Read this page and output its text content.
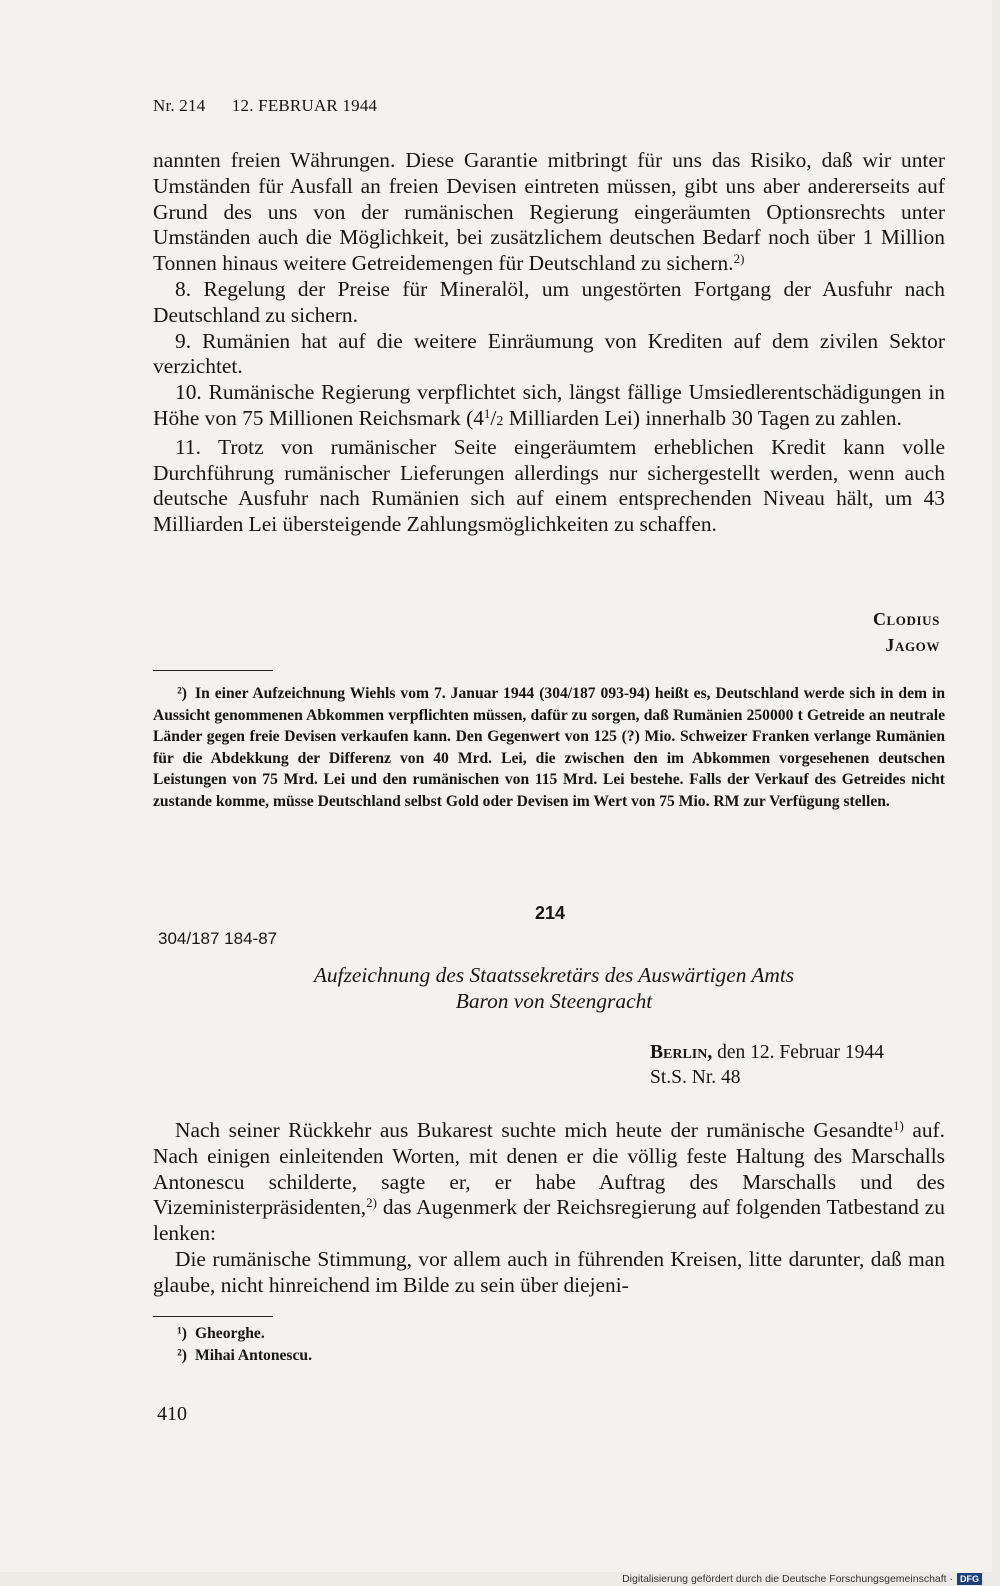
Nr. 214 12. FEBRUAR 1944

nannten freien Währungen. Diese Garantie mitbringt für uns das Risiko, daß wir unter Umständen für Ausfall an freien Devisen eintreten müssen, gibt uns aber andererseits auf Grund des uns von der rumänischen Regierung eingeräumten Optionsrechts unter Umständen auch die Möglichkeit, bei zusätzlichem deutschen Bedarf noch über 1 Million Tonnen hinaus weitere Getreidemengen für Deutschland zu sichern.$^{2)}$

8. Regelung der Preise für Mineralöl, um ungestörten Fortgang der Ausfuhr nach Deutschland zu sichern.

9. Rumänien hat auf die weitere Einräumung von Krediten auf dem zivilen Sektor verzichtet.

10. Rumänische Regierung verpflichtet sich, längst fällige Umsiedlerentschädigungen in Höhe von 75 Millionen Reichsmark ($4^1/2$ Milliarden Lei) innerhalb 30 Tagen zu zahlen.

11. Trotz von rumänischer Seite eingeräumtem erheblichen Kredit kann volle Durchführung rumänischer Lieferungen allerdings nur sichergestellt werden, wenn auch deutsche Ausfuhr nach Rumänien sich auf einem entsprechenden Niveau hält, um 43 Milliarden Lei übersteigende Zahlungsmöglichkeiten zu schaffen.

Clodius
Jagow

²) In einer Aufzeichnung Wiehls vom 7. Januar 1944 (304/187 093-94) heißt es, Deutschland werde sich in dem in Aussicht genommenen Abkommen verpflichten müssen, dafür zu sorgen, daß Rumänien 250000 t Getreide an neutrale Länder gegen freie Devisen verkaufen kann. Den Gegenwert von 125 (?) Mio. Schweizer Franken verlange Rumänien für die Abdekkung der Differenz von 40 Mrd. Lei, die zwischen den im Abkommen vorgesehenen deutschen Leistungen von 75 Mrd. Lei und den rumänischen von 115 Mrd. Lei bestehe. Falls der Verkauf des Getreides nicht zustande komme, müsse Deutschland selbst Gold oder Devisen im Wert von 75 Mio. RM zur Verfügung stellen.

214
304/187 184-87
Aufzeichnung des Staatssekretärs des Auswärtigen Amts
Baron von Steengracht
Berlin, den 12. Februar 1944
St.S. Nr. 48

Nach seiner Rückkehr aus Bukarest suchte mich heute der rumänische Gesandte$^{1)}$ auf. Nach einigen einleitenden Worten, mit denen er die völlig feste Haltung des Marschalls Antonescu schilderte, sagte er, er habe Auftrag des Marschalls und des Vizeministerpräsidenten,$^{2)}$ das Augenmerk der Reichsregierung auf folgenden Tatbestand zu lenken:

Die rumänische Stimmung, vor allem auch in führenden Kreisen, litte darunter, daß man glaube, nicht hinreichend im Bilde zu sein über diejeni-

¹) Gheorghe.

²) Mihai Antonescu.

410
Digitalisierung gefördert durch die Deutsche Forschungsgemeinschaft · DFG
